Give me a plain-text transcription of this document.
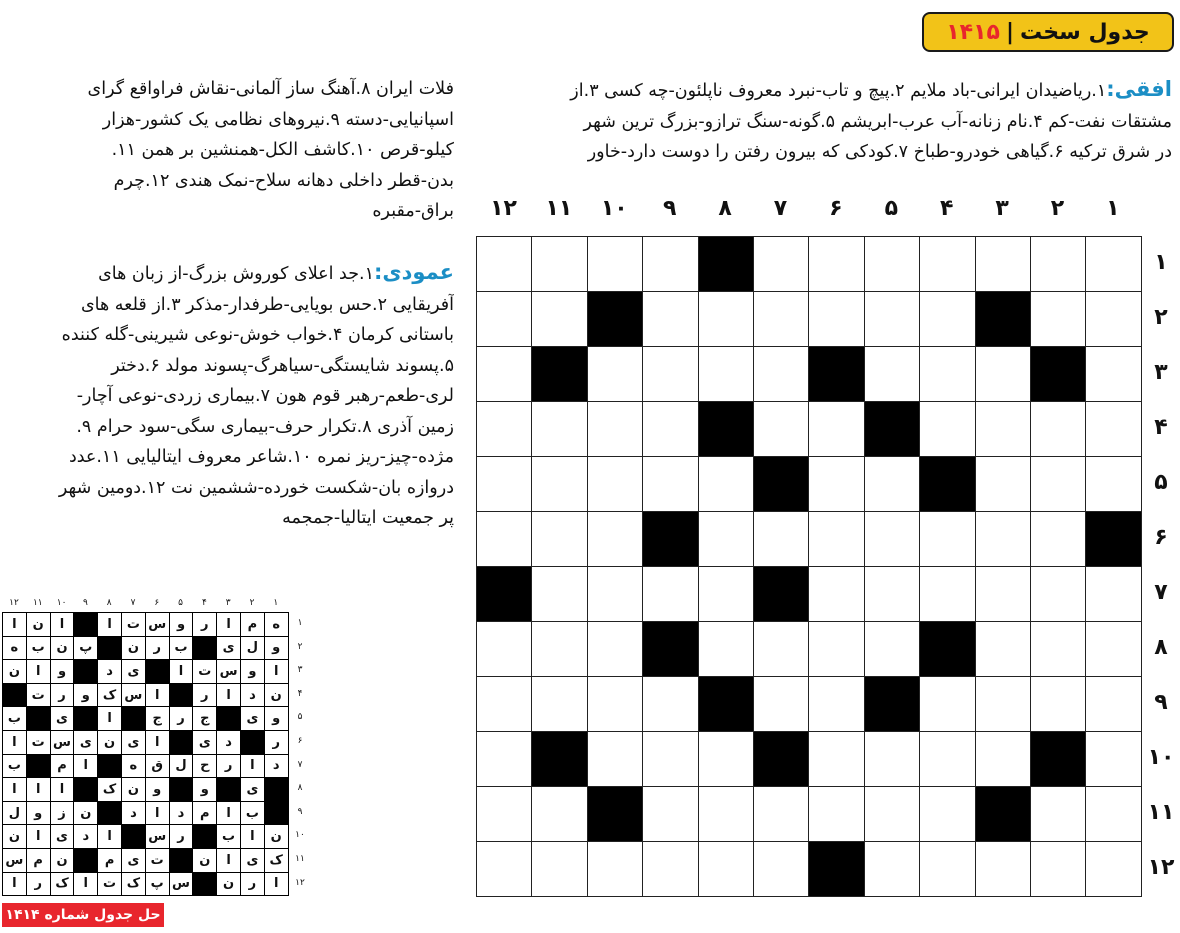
جدول سخت
|
۱۴۱۵
افقی:۱.ریاضیدان ایرانی-باد ملایم ۲.پیچ و تاب-نبرد معروف ناپلئون-چه کسی ۳.از
مشتقات نفت-کم ۴.نام زنانه-آب عرب-ابریشم ۵.گونه-سنگ ترازو-بزرگ ترین شهر
در شرق ترکیه ۶.گیاهی خودرو-طباخ ۷.کودکی که بیرون رفتن را دوست دارد-خاور
فلات ایران ۸.آهنگ ساز آلمانی-نقاش فراواقع گرای
اسپانیایی-دسته ۹.نیروهای نظامی یک کشور-هزار
کیلو-قرص ۱۰.کاشف الکل-همنشین بر همن ۱۱.
بدن-قطر داخلی دهانه سلاح-نمک هندی ۱۲.چرم
براق-مقبره
عمودی:۱.جد اعلای کوروش بزرگ-از زبان های
آفریقایی ۲.حس بویایی-طرفدار-مذکر ۳.از قلعه های
باستانی کرمان ۴.خواب خوش-نوعی شیرینی-گله کننده
۵.پسوند شایستگی-سیاهرگ-پسوند مولد ۶.دختر
لری-طعم-رهبر قوم هون ۷.بیماری زردی-نوعی آچار-
زمین آذری ۸.تکرار حرف-بیماری سگی-سود حرام ۹.
مژده-چیز-ریز نمره ۱۰.شاعر معروف ایتالیایی ۱۱.عدد
دروازه بان-شکست خورده-ششمین نت ۱۲.دومین شهر
پر جمعیت ایتالیا-جمجمه
۱
۲
۳
۴
۵
۶
۷
۸
۹
۱۰
۱۱
۱۲
۱
۲
۳
۴
۵
۶
۷
۸
۹
۱۰
۱۱
۱۲
۱
۲
۳
۴
۵
۶
۷
۸
۹
۱۰
۱۱
۱۲
۱
ه
م
ا
ر
و
س
ت
ا
ا
ن
ا
۲
و
ل
ی
ب
ر
ن
پ
ن
ب
ه
۳
ا
و
س
ت
ا
ی
د
و
ا
ن
۴
ن
د
ا
ر
ا
س
ک
و
ر
ت
۵
و
ی
ج
ر
ج
ا
ی
ب
۶
ر
د
ی
ا
ی
ن
ی
س
ت
ا
۷
د
ا
ر
ح
ل
ق
ه
ا
م
ب
۸
ی
و
و
ن
ک
ا
ا
ا
۹
ب
ا
م
د
ا
د
ن
ز
و
ل
۱۰
ن
ا
ب
ر
س
ا
د
ی
ا
ن
۱۱
ک
ی
ا
ن
ت
ی
م
ن
م
س
۱۲
ا
ر
ن
س
پ
ک
ت
ا
ک
ر
ا
حل جدول شماره ۱۴۱۴
